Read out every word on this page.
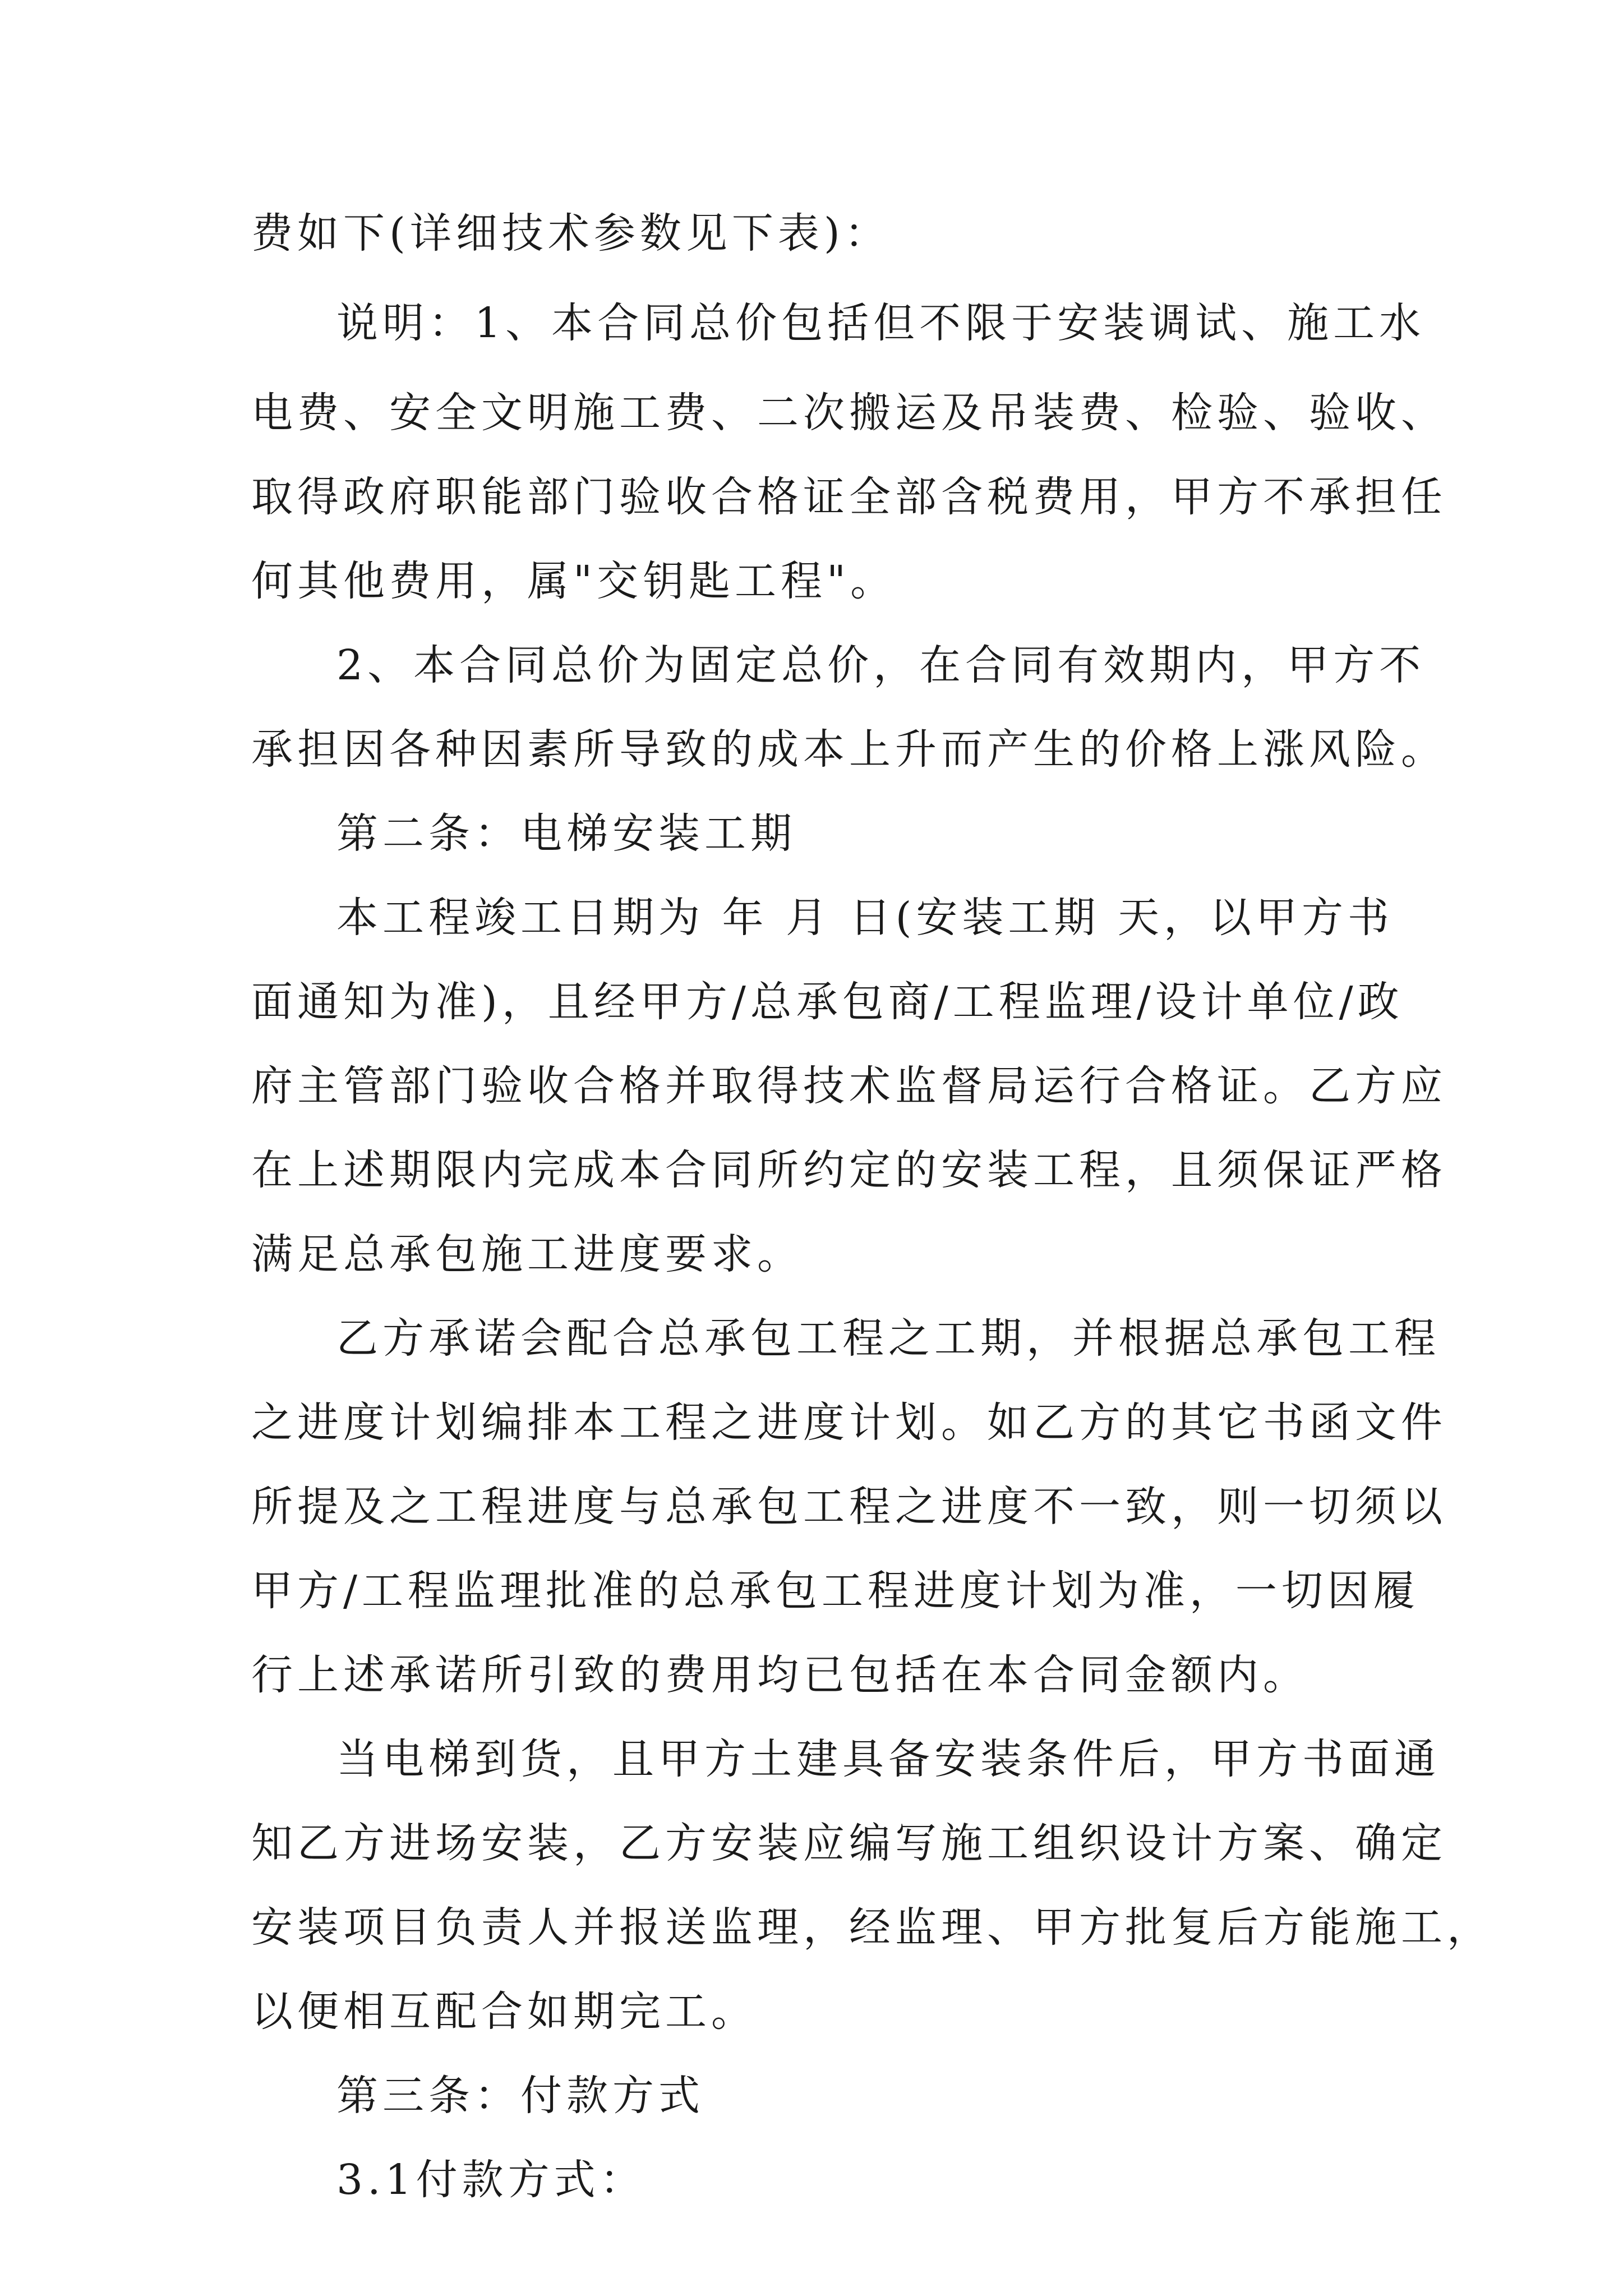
费如下(详细技术参数见下表)：
说明：1、本合同总价包括但不限于安装调试、施工水
电费、安全文明施工费、二次搬运及吊装费、检验、验收、
取得政府职能部门验收合格证全部含税费用，甲方不承担任
何其他费用，属"交钥匙工程"。
2、本合同总价为固定总价，在合同有效期内，甲方不
承担因各种因素所导致的成本上升而产生的价格上涨风险。
第二条：电梯安装工期
本工程竣工日期为 年 月 日(安装工期 天，以甲方书
面通知为准)，且经甲方/总承包商/工程监理/设计单位/政
府主管部门验收合格并取得技术监督局运行合格证。乙方应
在上述期限内完成本合同所约定的安装工程，且须保证严格
满足总承包施工进度要求。
乙方承诺会配合总承包工程之工期，并根据总承包工程
之进度计划编排本工程之进度计划。如乙方的其它书函文件
所提及之工程进度与总承包工程之进度不一致，则一切须以
甲方/工程监理批准的总承包工程进度计划为准，一切因履
行上述承诺所引致的费用均已包括在本合同金额内。
当电梯到货，且甲方土建具备安装条件后，甲方书面通
知乙方进场安装，乙方安装应编写施工组织设计方案、确定
安装项目负责人并报送监理，经监理、甲方批复后方能施工，
以便相互配合如期完工。
第三条：付款方式
3.1付款方式：
